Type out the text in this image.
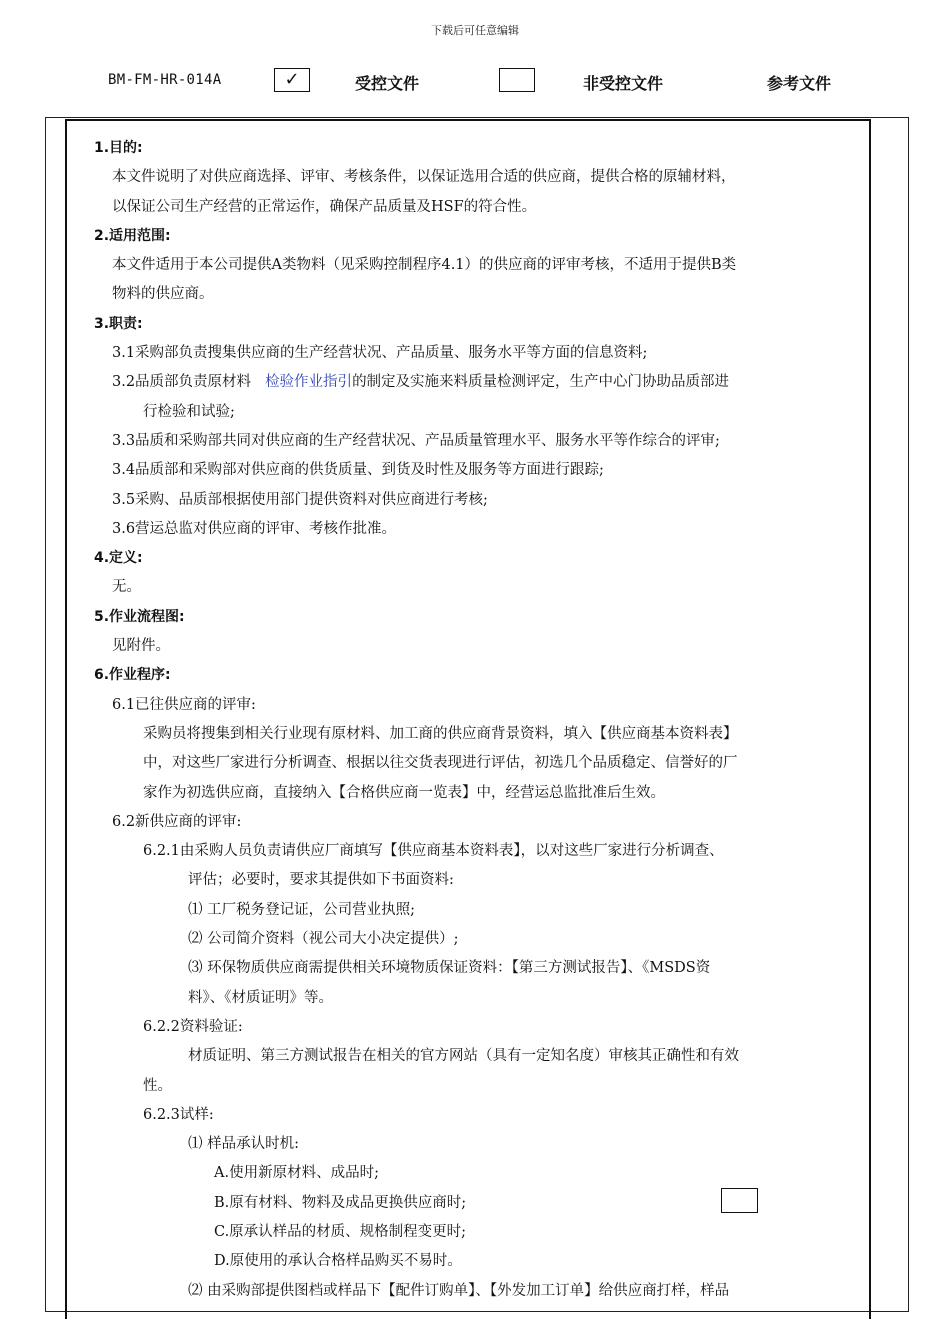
下载后可任意编辑
BM-FM-HR-014A	✓	受控文件	非受控文件	参考文件
1.目的:
本文件说明了对供应商选择、评审、考核条件，以保证选用合适的供应商，提供合格的原辅材料，
以保证公司生产经营的正常运作，确保产品质量及HSF的符合性。
2.适用范围:
本文件适用于本公司提供A类物料（见采购控制程序4.1）的供应商的评审考核，不适用于提供B类
物料的供应商。
3.职责:
3.1采购部负责搜集供应商的生产经营状况、产品质量、服务水平等方面的信息资料;
3.2品质部负责原材料 检验作业指引的制定及实施来料质量检测评定，生产中心门协助品质部进
行检验和试验;
3.3品质和采购部共同对供应商的生产经营状况、产品质量管理水平、服务水平等作综合的评审;
3.4品质部和采购部对供应商的供货质量、到货及时性及服务等方面进行跟踪;
3.5采购、品质部根据使用部门提供资料对供应商进行考核;
3.6营运总监对供应商的评审、考核作批准。
4.定义:
无。
5.作业流程图:
见附件。
6.作业程序:
6.1已往供应商的评审:
采购员将搜集到相关行业现有原材料、加工商的供应商背景资料，填入【供应商基本资料表】
中，对这些厂家进行分析调查、根据以往交货表现进行评估，初选几个品质稳定、信誉好的厂
家作为初选供应商，直接纳入【合格供应商一览表】中，经营运总监批准后生效。
6.2新供应商的评审:
6.2.1由采购人员负责请供应厂商填写【供应商基本资料表】，以对这些厂家进行分析调查、
评估；必要时，要求其提供如下书面资料:
⑴ 工厂税务登记证，公司营业执照;
⑵ 公司简介资料（视公司大小决定提供）;
⑶ 环保物质供应商需提供相关环境物质保证资料：【第三方测试报告】、《MSDS资
料》、《材质证明》等。
6.2.2资料验证:
材质证明、第三方测试报告在相关的官方网站（具有一定知名度）审核其正确性和有效
性。
6.2.3试样:
⑴ 样品承认时机:
A.使用新原材料、成品时;
B.原有材料、物料及成品更换供应商时;
C.原承认样品的材质、规格制程变更时;
D.原使用的承认合格样品购买不易时。
⑵ 由采购部提供图档或样品下【配件订购单】、【外发加工订单】给供应商打样，样品
